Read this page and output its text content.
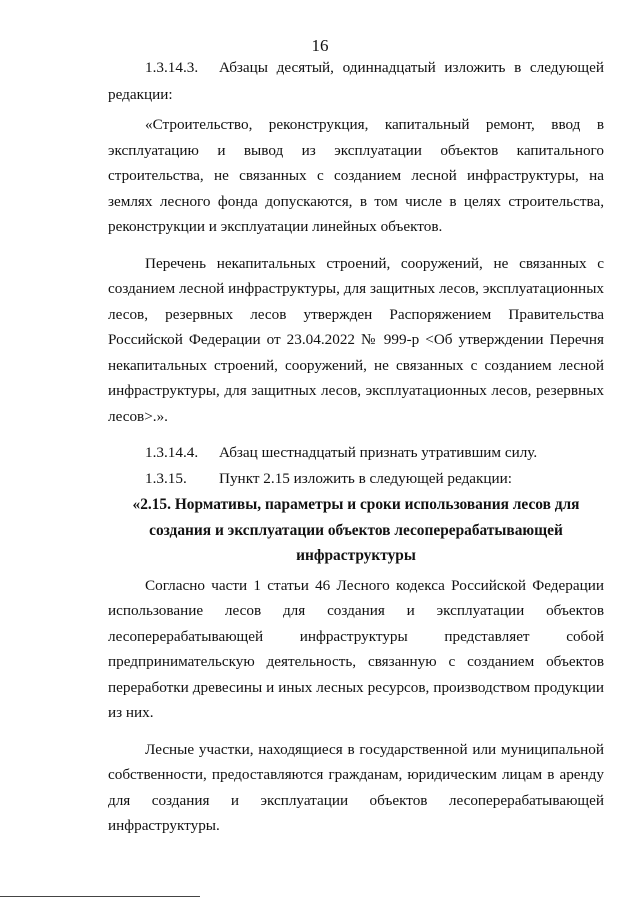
16
1.3.14.3.	Абзацы десятый, одиннадцатый изложить в следующей

редакции:

«Строительство, реконструкция, капитальный ремонт, ввод в эксплуатацию и вывод из эксплуатации объектов капитального строительства, не связанных с созданием лесной инфраструктуры, на землях лесного фонда допускаются, в том числе в целях строительства, реконструкции и эксплуатации линейных объектов.

Перечень некапитальных строений, сооружений, не связанных с созданием лесной инфраструктуры, для защитных лесов, эксплуатационных лесов, резервных лесов утвержден Распоряжением Правительства Российской Федерации от 23.04.2022 № 999-р <Об утверждении Перечня некапитальных строений, сооружений, не связанных с созданием лесной инфраструктуры, для защитных лесов, эксплуатационных лесов, резервных лесов>.».

1.3.14.4.	Абзац шестнадцатый признать утратившим силу.
1.3.15.	Пункт 2.15 изложить в следующей редакции:

«2.15. Нормативы, параметры и сроки использования лесов для создания и эксплуатации объектов лесоперерабатывающей инфраструктуры

Согласно части 1 статьи 46 Лесного кодекса Российской Федерации использование лесов для создания и эксплуатации объектов лесоперерабатывающей инфраструктуры представляет собой предпринимательскую деятельность, связанную с созданием объектов переработки древесины и иных лесных ресурсов, производством продукции из них.

Лесные участки, находящиеся в государственной или муниципальной собственности, предоставляются гражданам, юридическим лицам в аренду для создания и эксплуатации объектов лесоперерабатывающей инфраструктуры.
